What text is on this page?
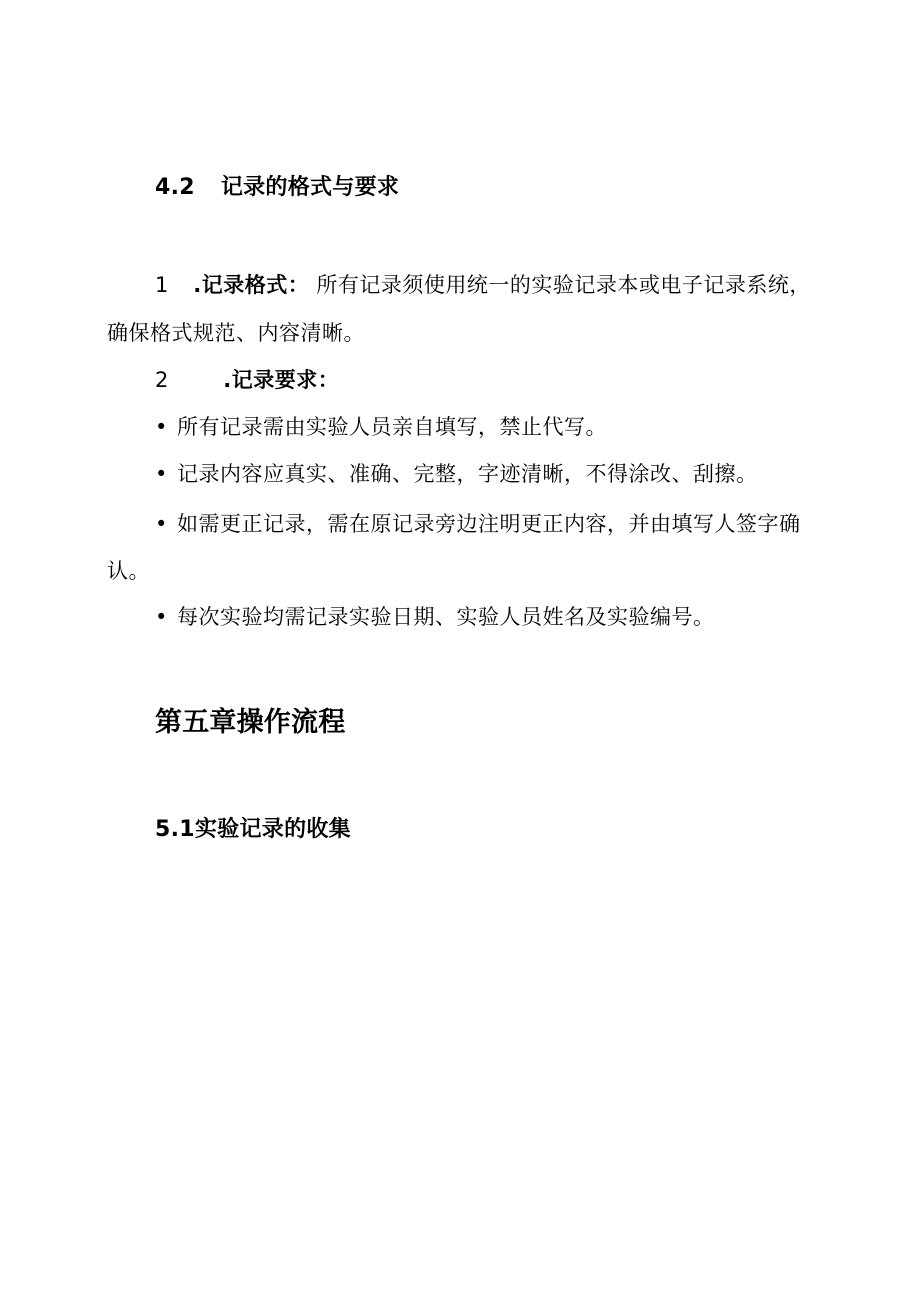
4.2 记录的格式与要求
1 .记录格式： 所有记录须使用统一的实验记录本或电子记录系统，
确保格式规范、内容清晰。
2	.记录要求：
• 所有记录需由实验人员亲自填写，禁止代写。
• 记录内容应真实、准确、完整，字迹清晰，不得涂改、刮擦。
• 如需更正记录，需在原记录旁边注明更正内容，并由填写人签字确
认。
• 每次实验均需记录实验日期、实验人员姓名及实验编号。
第五章操作流程
5.1实验记录的收集
